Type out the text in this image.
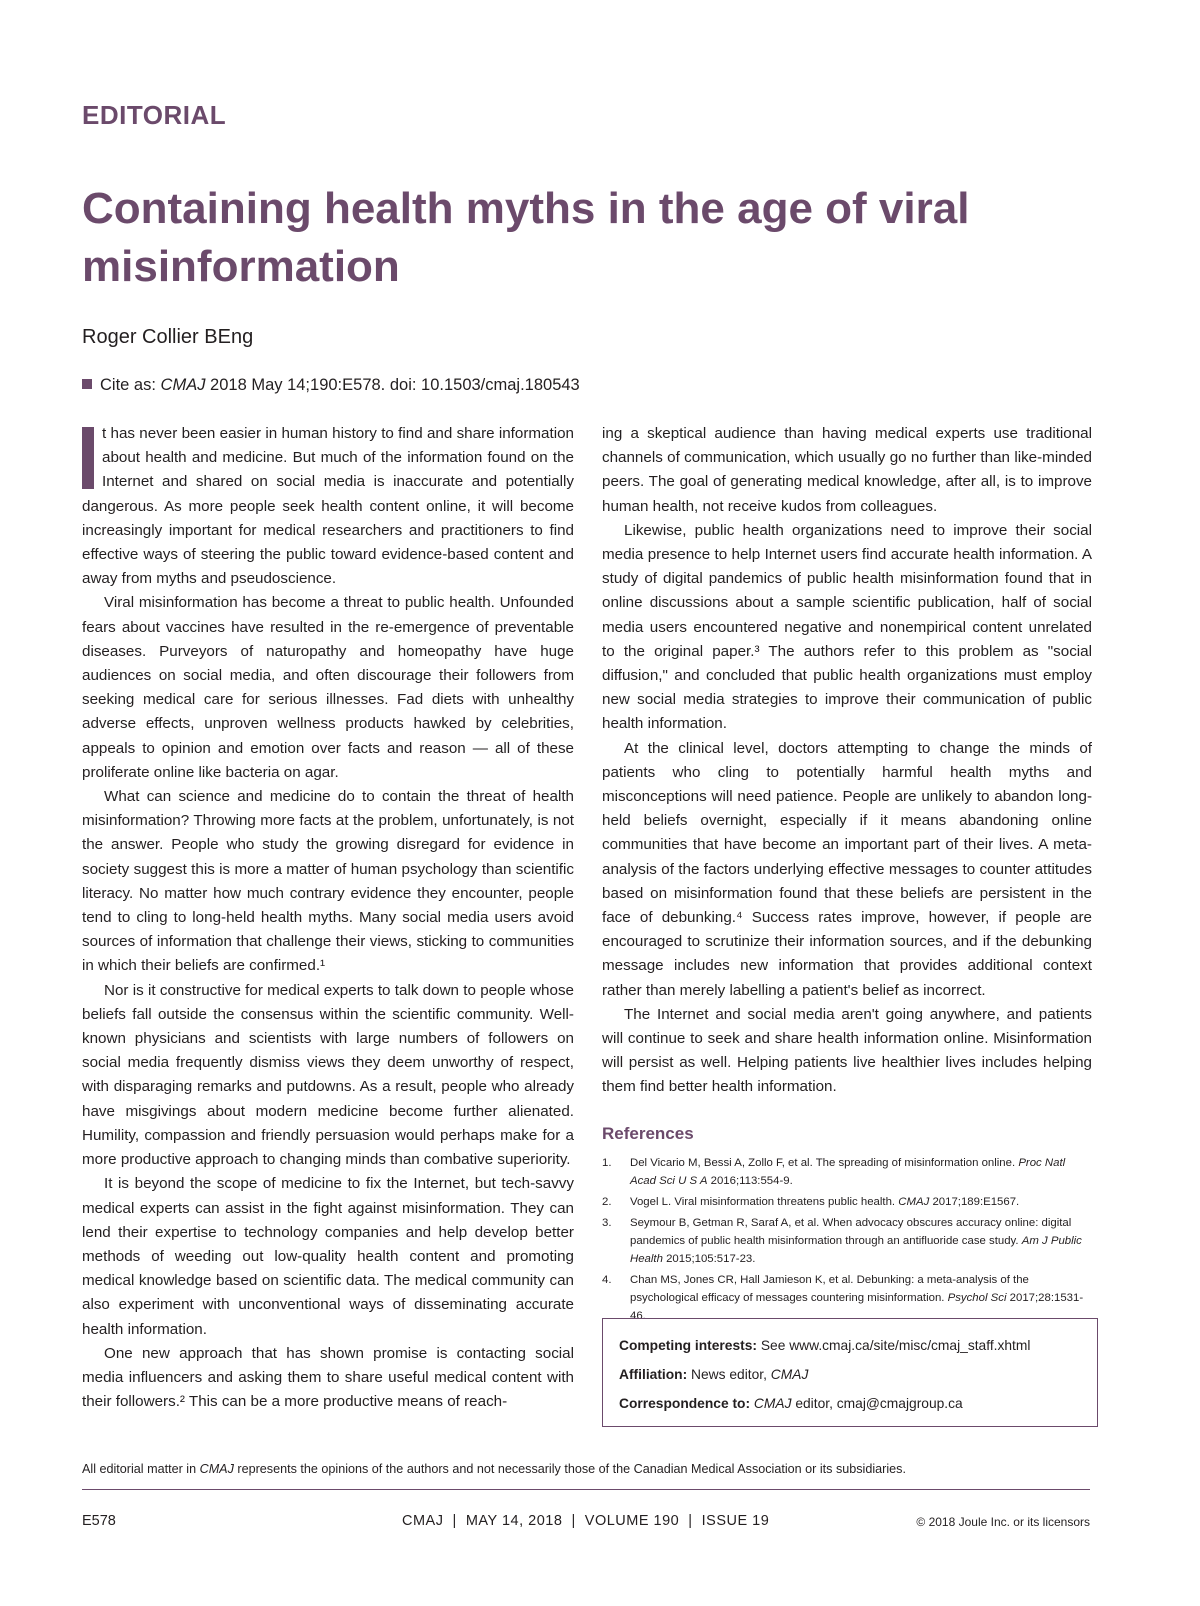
EDITORIAL
Containing health myths in the age of viral misinformation
Roger Collier BEng
Cite as: CMAJ 2018 May 14;190:E578. doi: 10.1503/cmaj.180543

t has never been easier in human history to find and share information about health and medicine. But much of the information found on the Internet and shared on social media is inaccurate and potentially dangerous. As more people seek health content online, it will become increasingly important for medical researchers and practitioners to find effective ways of steering the public toward evidence-based content and away from myths and pseudoscience.

Viral misinformation has become a threat to public health. Unfounded fears about vaccines have resulted in the re-emergence of preventable diseases. Purveyors of naturopathy and homeopathy have huge audiences on social media, and often discourage their followers from seeking medical care for serious illnesses. Fad diets with unhealthy adverse effects, unproven wellness products hawked by celebrities, appeals to opinion and emotion over facts and reason — all of these proliferate online like bacteria on agar.

What can science and medicine do to contain the threat of health misinformation? Throwing more facts at the problem, unfortunately, is not the answer. People who study the growing disregard for evidence in society suggest this is more a matter of human psychology than scientific literacy. No matter how much contrary evidence they encounter, people tend to cling to long-held health myths. Many social media users avoid sources of information that challenge their views, sticking to communities in which their beliefs are confirmed.¹

Nor is it constructive for medical experts to talk down to people whose beliefs fall outside the consensus within the scientific community. Well-known physicians and scientists with large numbers of followers on social media frequently dismiss views they deem unworthy of respect, with disparaging remarks and putdowns. As a result, people who already have misgivings about modern medicine become further alienated. Humility, compassion and friendly persuasion would perhaps make for a more productive approach to changing minds than combative superiority.

It is beyond the scope of medicine to fix the Internet, but tech-savvy medical experts can assist in the fight against misinformation. They can lend their expertise to technology companies and help develop better methods of weeding out low-quality health content and promoting medical knowledge based on scientific data. The medical community can also experiment with unconventional ways of disseminating accurate health information.

One new approach that has shown promise is contacting social media influencers and asking them to share useful medical content with their followers.² This can be a more productive means of reach-

ing a skeptical audience than having medical experts use traditional channels of communication, which usually go no further than like-minded peers. The goal of generating medical knowledge, after all, is to improve human health, not receive kudos from colleagues.

Likewise, public health organizations need to improve their social media presence to help Internet users find accurate health information. A study of digital pandemics of public health misinformation found that in online discussions about a sample scientific publication, half of social media users encountered negative and nonempirical content unrelated to the original paper.³ The authors refer to this problem as "social diffusion," and concluded that public health organizations must employ new social media strategies to improve their communication of public health information.

At the clinical level, doctors attempting to change the minds of patients who cling to potentially harmful health myths and misconceptions will need patience. People are unlikely to abandon long-held beliefs overnight, especially if it means abandoning online communities that have become an important part of their lives. A meta-analysis of the factors underlying effective messages to counter attitudes based on misinformation found that these beliefs are persistent in the face of debunking.⁴ Success rates improve, however, if people are encouraged to scrutinize their information sources, and if the debunking message includes new information that provides additional context rather than merely labelling a patient's belief as incorrect.

The Internet and social media aren't going anywhere, and patients will continue to seek and share health information online. Misinformation will persist as well. Helping patients live healthier lives includes helping them find better health information.

References
1.	Del Vicario M, Bessi A, Zollo F, et al. The spreading of misinformation online. Proc Natl Acad Sci U S A 2016;113:554-9.
2.	Vogel L. Viral misinformation threatens public health. CMAJ 2017;189:E1567.
3.	Seymour B, Getman R, Saraf A, et al. When advocacy obscures accuracy online: digital pandemics of public health misinformation through an antifluoride case study. Am J Public Health 2015;105:517-23.
4.	Chan MS, Jones CR, Hall Jamieson K, et al. Debunking: a meta-analysis of the psychological efficacy of messages countering misinformation. Psychol Sci 2017;28:1531-46.
Competing interests: See www.cmaj.ca/site/misc/cmaj_staff.xhtml
Affiliation: News editor, CMAJ
Correspondence to: CMAJ editor, cmaj@cmajgroup.ca
All editorial matter in CMAJ represents the opinions of the authors and not necessarily those of the Canadian Medical Association or its subsidiaries.
E578	CMAJ  |  MAY 14, 2018  |  VOLUME 190  |  ISSUE 19	© 2018 Joule Inc. or its licensors
